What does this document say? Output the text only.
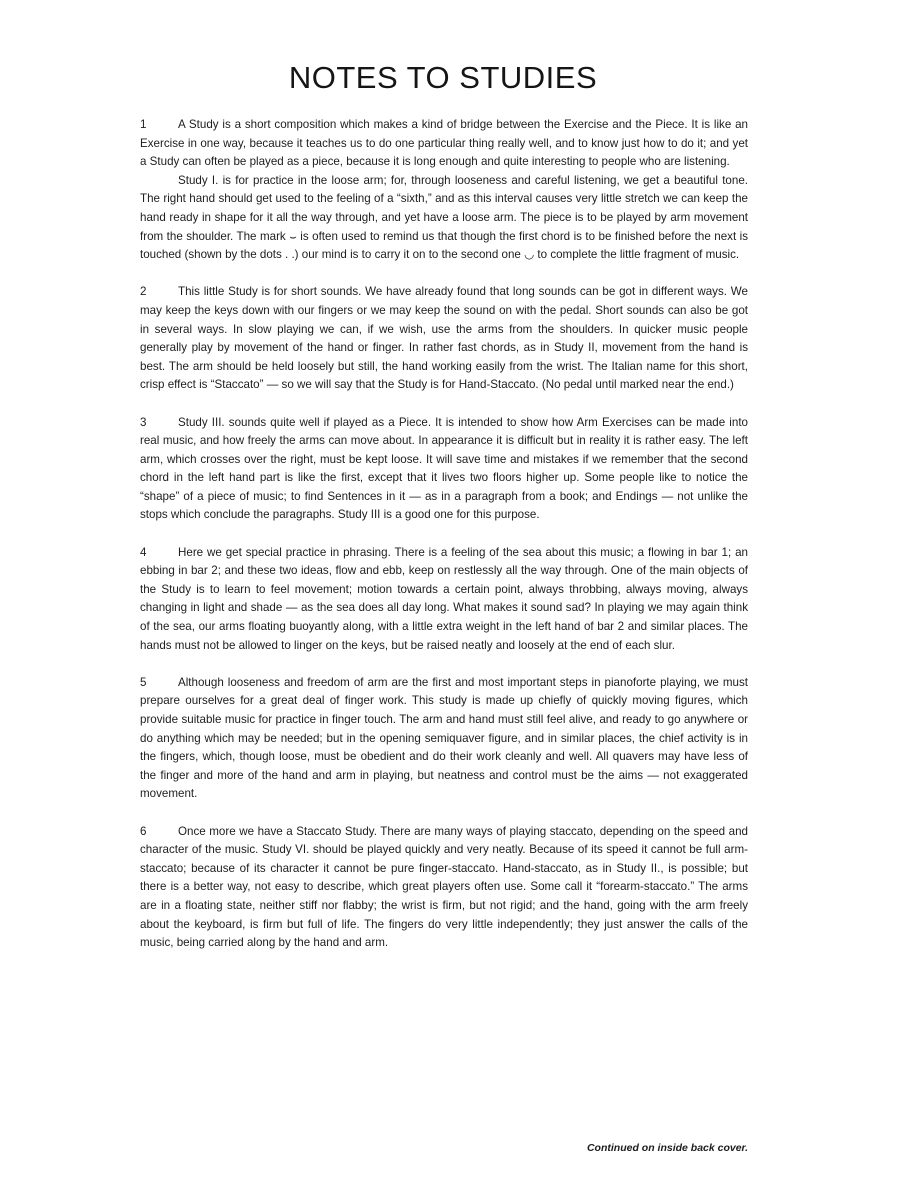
NOTES TO STUDIES

1	A Study is a short composition which makes a kind of bridge between the Exercise and the Piece. It is like an Exercise in one way, because it teaches us to do one particular thing really well, and to know just how to do it; and yet a Study can often be played as a piece, because it is long enough and quite interesting to people who are listening.

Study I. is for practice in the loose arm; for, through looseness and careful listening, we get a beautiful tone. The right hand should get used to the feeling of a “sixth,” and as this interval causes very little stretch we can keep the hand ready in shape for it all the way through, and yet have a loose arm. The piece is to be played by arm movement from the shoulder. The mark ⌣ is often used to remind us that though the first chord is to be finished before the next is touched (shown by the dots . .) our mind is to carry it on to the second one ◡ to complete the little fragment of music.

2	This little Study is for short sounds. We have already found that long sounds can be got in different ways. We may keep the keys down with our fingers or we may keep the sound on with the pedal. Short sounds can also be got in several ways. In slow playing we can, if we wish, use the arms from the shoulders. In quicker music people generally play by movement of the hand or finger. In rather fast chords, as in Study II, movement from the hand is best. The arm should be held loosely but still, the hand working easily from the wrist. The Italian name for this short, crisp effect is “Staccato” — so we will say that the Study is for Hand-Staccato. (No pedal until marked near the end.)

3	Study III. sounds quite well if played as a Piece. It is intended to show how Arm Exercises can be made into real music, and how freely the arms can move about. In appearance it is difficult but in reality it is rather easy. The left arm, which crosses over the right, must be kept loose. It will save time and mistakes if we remember that the second chord in the left hand part is like the first, except that it lives two floors higher up. Some people like to notice the “shape” of a piece of music; to find Sentences in it — as in a paragraph from a book; and Endings — not unlike the stops which conclude the paragraphs. Study III is a good one for this purpose.

4	Here we get special practice in phrasing. There is a feeling of the sea about this music; a flowing in bar 1; an ebbing in bar 2; and these two ideas, flow and ebb, keep on restlessly all the way through. One of the main objects of the Study is to learn to feel movement; motion towards a certain point, always throbbing, always moving, always changing in light and shade — as the sea does all day long. What makes it sound sad? In playing we may again think of the sea, our arms floating buoyantly along, with a little extra weight in the left hand of bar 2 and similar places. The hands must not be allowed to linger on the keys, but be raised neatly and loosely at the end of each slur.

5	Although looseness and freedom of arm are the first and most important steps in pianoforte playing, we must prepare ourselves for a great deal of finger work. This study is made up chiefly of quickly moving figures, which provide suitable music for practice in finger touch. The arm and hand must still feel alive, and ready to go anywhere or do anything which may be needed; but in the opening semiquaver figure, and in similar places, the chief activity is in the fingers, which, though loose, must be obedient and do their work cleanly and well. All quavers may have less of the finger and more of the hand and arm in playing, but neatness and control must be the aims — not exaggerated movement.

6	Once more we have a Staccato Study. There are many ways of playing staccato, depending on the speed and character of the music. Study VI. should be played quickly and very neatly. Because of its speed it cannot be full arm-staccato; because of its character it cannot be pure finger-staccato. Hand-staccato, as in Study II., is possible; but there is a better way, not easy to describe, which great players often use. Some call it “forearm-staccato.” The arms are in a floating state, neither stiff nor flabby; the wrist is firm, but not rigid; and the hand, going with the arm freely about the keyboard, is firm but full of life. The fingers do very little independently; they just answer the calls of the music, being carried along by the hand and arm.

Continued on inside back cover.
